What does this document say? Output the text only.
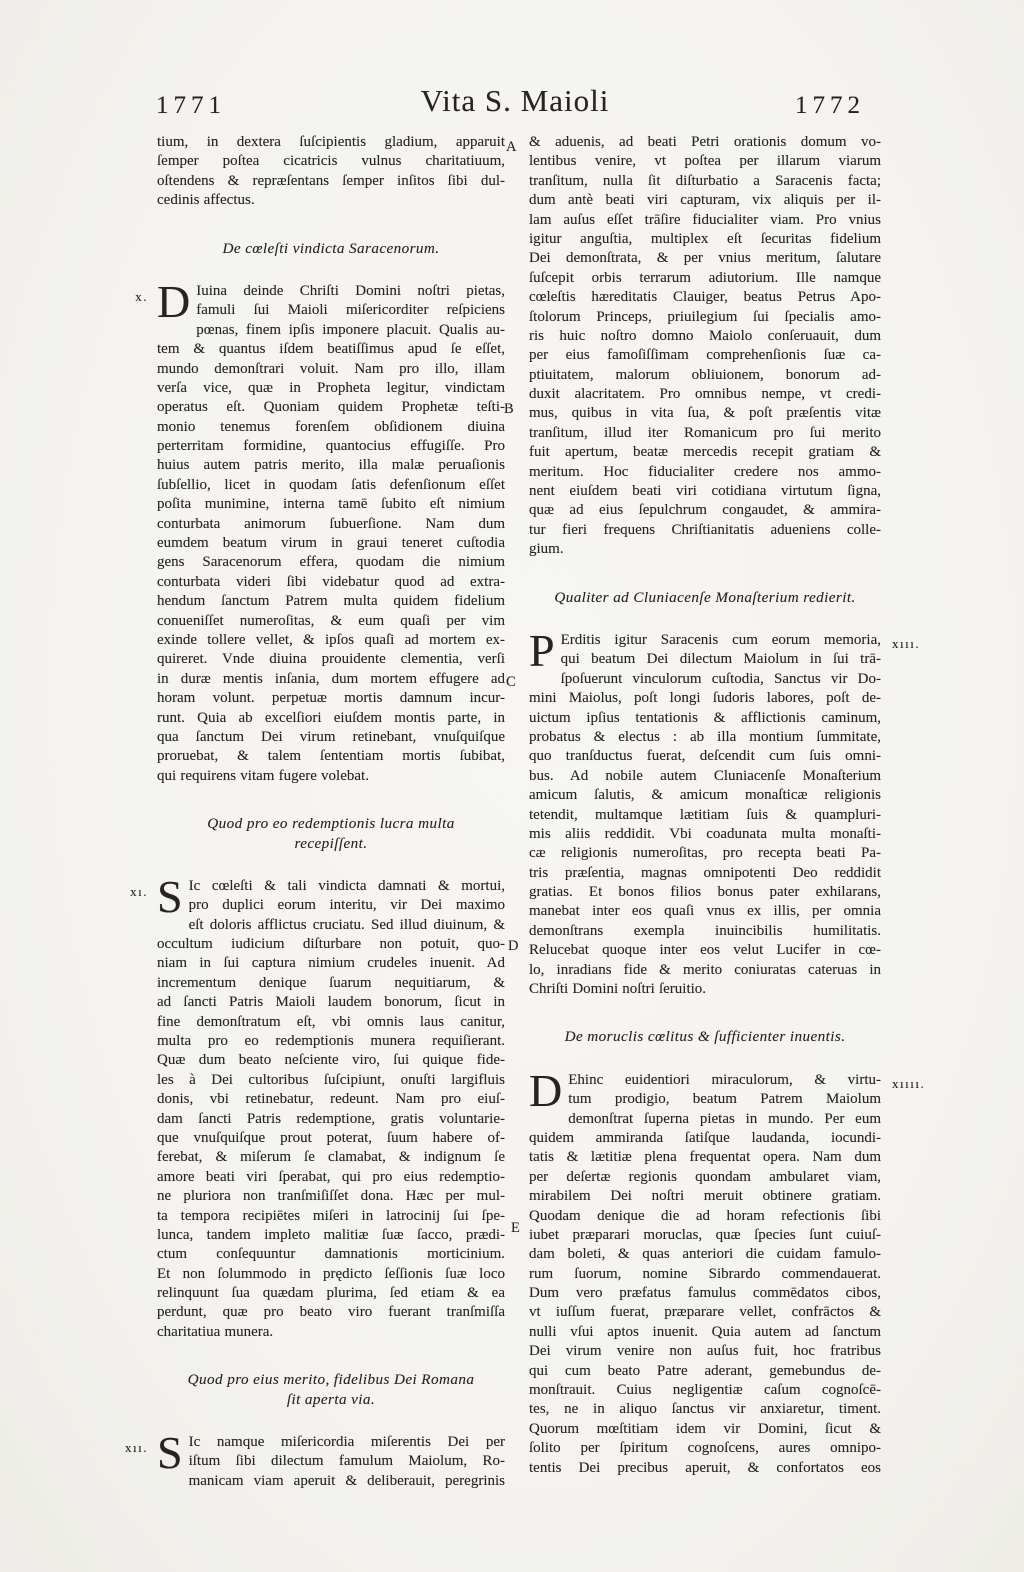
1771	Vita S. Maioli	1772
tium, in dextera ſuſcipientis gladium, apparuit
ſemper poſtea cicatricis vulnus charitatiuum,
oſtendens & repræſentans ſemper inſitos ſibi dul-
cedinis affectus.
De cœleſti vindicta Saracenorum.
x. D Iuina deinde Chriſti Domini noſtri pietas,
famuli ſui Maioli miſericorditer reſpiciens
pœnas, finem ipſis imponere placuit. Qualis au-
tem & quantus iſdem beatiſſimus apud ſe eſſet,
mundo demonſtrari voluit. Nam pro illo, illam
verſa vice, quæ in Propheta legitur, vindictam
operatus eſt. Quoniam quidem Prophetæ teſti-
monio tenemus forenſem obſidionem diuina
perterritam formidine, quantocius effugiſſe. Pro
huius autem patris merito, illa malæ peruaſionis
ſubſellio, licet in quodam ſatis defenſionum eſſet
poſita munimine, interna tamē ſubito eſt nimium
conturbata animorum ſubuerſione. Nam dum
eumdem beatum virum in graui teneret cuſtodia
gens Saracenorum effera, quodam die nimium
conturbata videri ſibi videbatur quod ad extra-
hendum ſanctum Patrem multa quidem fidelium
conueniſſet numeroſitas, & eum quaſi per vim
exinde tollere vellet, & ipſos quaſi ad mortem ex-
quireret. Vnde diuina prouidente clementia, verſi
in duræ mentis inſania, dum mortem effugere ad
horam volunt. perpetuæ mortis damnum incur-
runt. Quia ab excelſiori eiuſdem montis parte, in
qua ſanctum Dei virum retinebant, vnuſquiſque
proruebat, & talem ſententiam mortis ſubibat,
qui requirens vitam fugere volebat.
Quod pro eo redemptionis lucra multa
recepiſſent.
xı. S Ic cœleſti & tali vindicta damnati & mortui,
pro duplici eorum interitu, vir Dei maximo
eſt doloris afflictus cruciatu. Sed illud diuinum, &
occultum iudicium diſturbare non potuit, quo-
niam in ſui captura nimium crudeles inuenit. Ad
incrementum denique ſuarum nequitiarum, &
ad ſancti Patris Maioli laudem bonorum, ſicut in
fine demonſtratum eſt, vbi omnis laus canitur,
multa pro eo redemptionis munera requiſierant.
Quæ dum beato neſciente viro, ſui quique fide-
les à Dei cultoribus ſuſcipiunt, onuſti largifluis
donis, vbi retinebatur, redeunt. Nam pro eiuſ-
dam ſancti Patris redemptione, gratis voluntarie-
que vnuſquiſque prout poterat, ſuum habere of-
ferebat, & miſerum ſe clamabat, & indignum ſe
amore beati viri ſperabat, qui pro eius redemptio-
ne pluriora non tranſmiſiſſet dona. Hæc per mul-
ta tempora recipiētes miſeri in latrocinij ſui ſpe-
lunca, tandem impleto malitiæ ſuæ ſacco, prædi-
ctum conſequuntur damnationis morticinium.
Et non ſolummodo in prędicto ſeſſionis ſuæ loco
relinquunt ſua quædam plurima, ſed etiam & ea
perdunt, quæ pro beato viro fuerant tranſmiſſa
charitatiua munera.
Quod pro eius merito, fidelibus Dei Romana
ſit aperta via.
xıı. S Ic namque miſericordia miſerentis Dei per
iſtum ſibi dilectum famulum Maiolum, Ro-
manicam viam aperuit & deliberauit, peregrinis
& aduenis, ad beati Petri orationis domum vo-
lentibus venire, vt poſtea per illarum viarum
tranſitum, nulla ſit diſturbatio a Saracenis facta;
dum antè beati viri capturam, vix aliquis per il-
lam auſus eſſet trāſire fiducialiter viam. Pro vnius
igitur anguſtia, multiplex eſt ſecuritas fidelium
Dei demonſtrata, & per vnius meritum, ſalutare
ſuſcepit orbis terrarum adiutorium. Ille namque
cœleſtis hæreditatis Clauiger, beatus Petrus Apo-
ſtolorum Princeps, priuilegium ſui ſpecialis amo-
ris huic noſtro domno Maiolo conſeruauit, dum
per eius famoſiſſimam comprehenſionis ſuæ ca-
ptiuitatem, malorum obliuionem, bonorum ad-
duxit alacritatem. Pro omnibus nempe, vt credi-
mus, quibus in vita ſua, & poſt præſentis vitæ
tranſitum, illud iter Romanicum pro ſui merito
fuit apertum, beatæ mercedis recepit gratiam &
meritum. Hoc fiducialiter credere nos ammo-
nent eiuſdem beati viri cotidiana virtutum ſigna,
quæ ad eius ſepulchrum congaudet, & ammira-
tur fieri frequens Chriſtianitatis adueniens colle-
gium.
Qualiter ad Cluniacenſe Monaſterium redierit.
xııı.
P Erditis igitur Saracenis cum eorum memoria,
qui beatum Dei dilectum Maiolum in ſui trā-
ſpoſuerunt vinculorum cuſtodia, Sanctus vir Do-
mini Maiolus, poſt longi ſudoris labores, poſt de-
uictum ipſius tentationis & afflictionis caminum,
probatus & electus : ab illa montium ſummitate,
quo tranſductus fuerat, deſcendit cum ſuis omni-
bus. Ad nobile autem Cluniacenſe Monaſterium
amicum ſalutis, & amicum monaſticæ religionis
tetendit, multamque lætitiam ſuis & quampluri-
mis aliis reddidit. Vbi coadunata multa monaſti-
cæ religionis numeroſitas, pro recepta beati Pa-
tris præſentia, magnas omnipotenti Deo reddidit
gratias. Et bonos filios bonus pater exhilarans,
manebat inter eos quaſi vnus ex illis, per omnia
demonſtrans exempla inuincibilis humilitatis.
Relucebat quoque inter eos velut Lucifer in cœ-
lo, inradians fide & merito coniuratas cateruas in
Chriſti Domini noſtri ſeruitio.
De moruclis cœlitus & ſufficienter inuentis.
xıııı.
D Ehinc euidentiori miraculorum, & virtu-
tum prodigio, beatum Patrem Maiolum
demonſtrat ſuperna pietas in mundo. Per eum
quidem ammiranda ſatiſque laudanda, iocundi-
tatis & lætitiæ plena frequentat opera. Nam dum
per deſertæ regionis quondam ambularet viam,
mirabilem Dei noſtri meruit obtinere gratiam.
Quodam denique die ad horam refectionis ſibi
iubet præparari moruclas, quæ ſpecies ſunt cuiuſ-
dam boleti, & quas anteriori die cuidam famulo-
rum ſuorum, nomine Sibrardo commendauerat.
Dum vero præfatus famulus commēdatos cibos,
vt iuſſum fuerat, præparare vellet, confrāctos &
nulli vſui aptos inuenit. Quia autem ad ſanctum
Dei virum venire non auſus fuit, hoc fratribus
qui cum beato Patre aderant, gemebundus de-
monſtrauit. Cuius negligentiæ caſum cognoſcē-
tes, ne in aliquo ſanctus vir anxiaretur, timent.
Quorum mœſtitiam idem vir Domini, ſicut &
ſolito per ſpiritum cognoſcens, aures omnipo-
tentis Dei precibus aperuit, & confortatos eos
A
B
C
D
E
